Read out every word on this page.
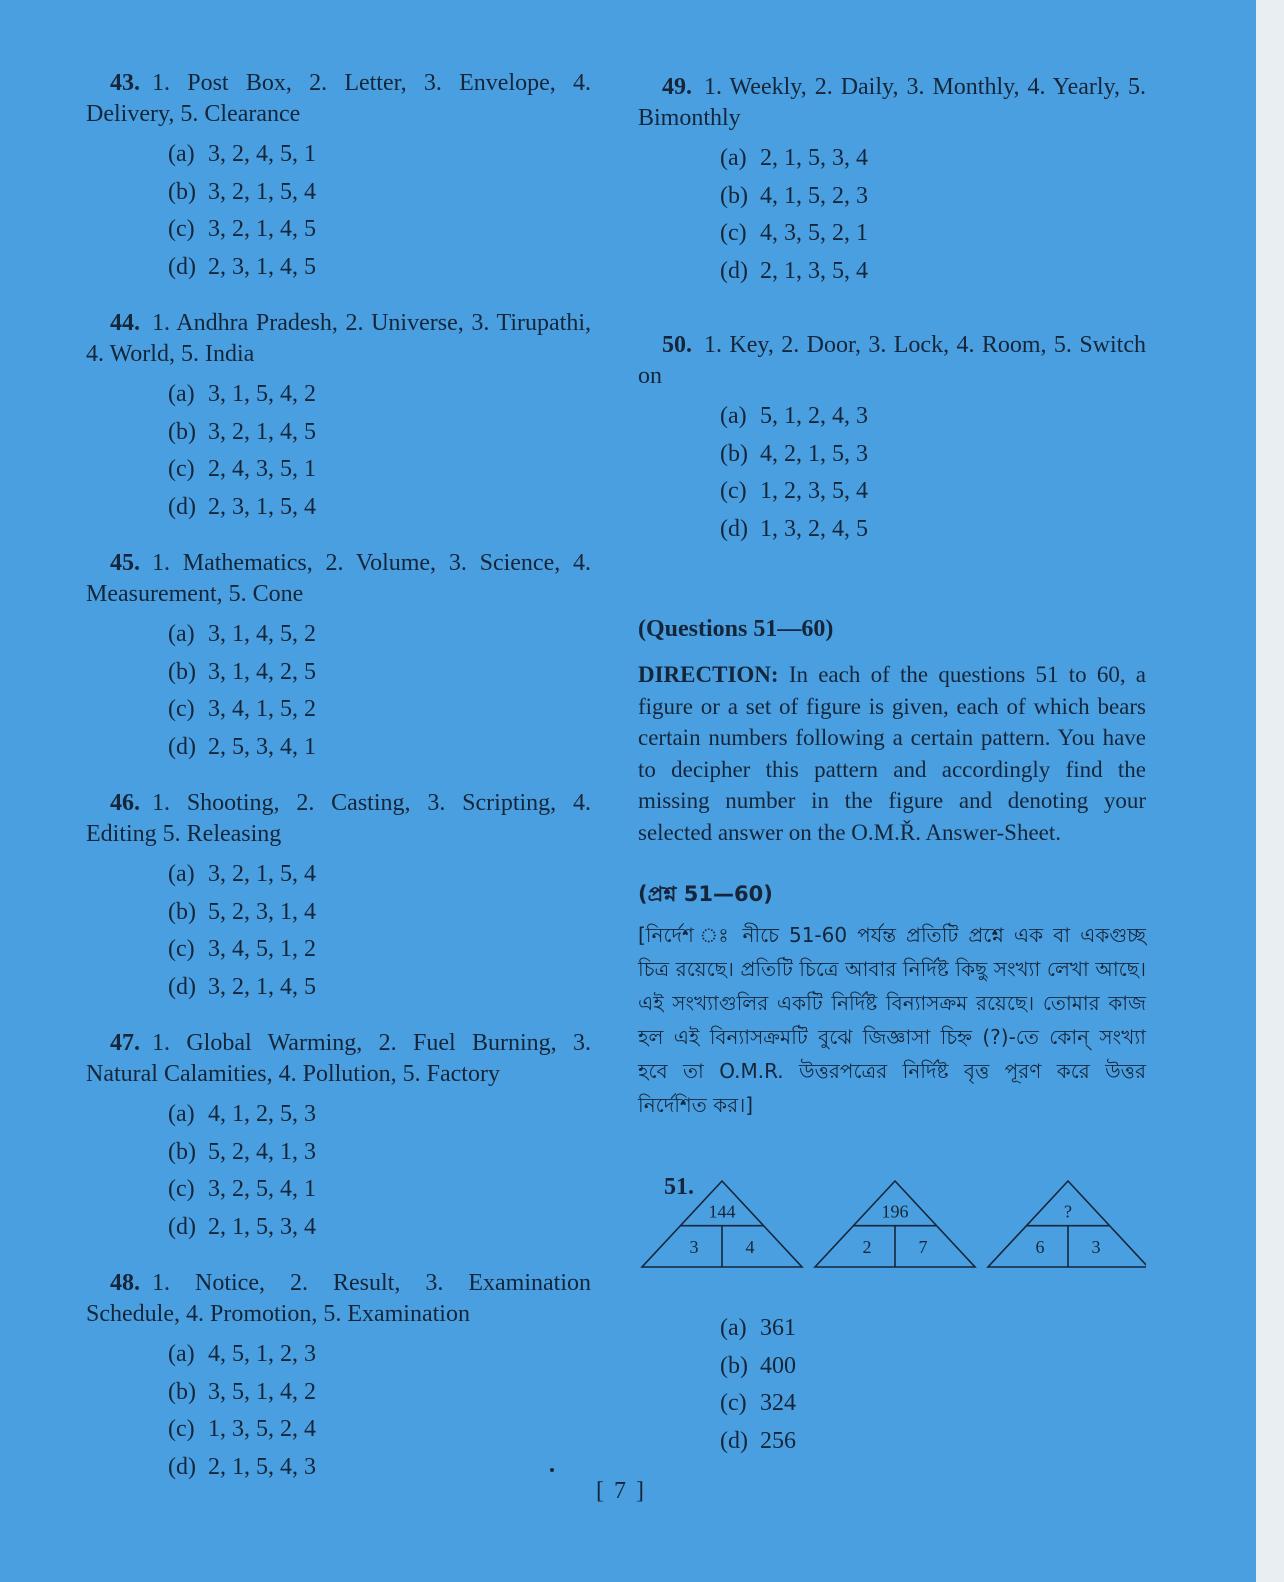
43. 1. Post Box, 2. Letter, 3. Envelope, 4. Delivery, 5. Clearance
(a) 3, 2, 4, 5, 1
(b) 3, 2, 1, 5, 4
(c) 3, 2, 1, 4, 5
(d) 2, 3, 1, 4, 5
44. 1. Andhra Pradesh, 2. Universe, 3. Tirupathi, 4. World, 5. India
(a) 3, 1, 5, 4, 2
(b) 3, 2, 1, 4, 5
(c) 2, 4, 3, 5, 1
(d) 2, 3, 1, 5, 4
45. 1. Mathematics, 2. Volume, 3. Science, 4. Measurement, 5. Cone
(a) 3, 1, 4, 5, 2
(b) 3, 1, 4, 2, 5
(c) 3, 4, 1, 5, 2
(d) 2, 5, 3, 4, 1
46. 1. Shooting, 2. Casting, 3. Scripting, 4. Editing 5. Releasing
(a) 3, 2, 1, 5, 4
(b) 5, 2, 3, 1, 4
(c) 3, 4, 5, 1, 2
(d) 3, 2, 1, 4, 5
47. 1. Global Warming, 2. Fuel Burning, 3. Natural Calamities, 4. Pollution, 5. Factory
(a) 4, 1, 2, 5, 3
(b) 5, 2, 4, 1, 3
(c) 3, 2, 5, 4, 1
(d) 2, 1, 5, 3, 4
48. 1. Notice, 2. Result, 3. Examination Schedule, 4. Promotion, 5. Examination
(a) 4, 5, 1, 2, 3
(b) 3, 5, 1, 4, 2
(c) 1, 3, 5, 2, 4
(d) 2, 1, 5, 4, 3
49. 1. Weekly, 2. Daily, 3. Monthly, 4. Yearly, 5. Bimonthly
(a) 2, 1, 5, 3, 4
(b) 4, 1, 5, 2, 3
(c) 4, 3, 5, 2, 1
(d) 2, 1, 3, 5, 4
50. 1. Key, 2. Door, 3. Lock, 4. Room, 5. Switch on
(a) 5, 1, 2, 4, 3
(b) 4, 2, 1, 5, 3
(c) 1, 2, 3, 5, 4
(d) 1, 3, 2, 4, 5
(Questions 51—60)
DIRECTION: In each of the questions 51 to 60, a figure or a set of figure is given, each of which bears certain numbers following a certain pattern. You have to decipher this pattern and accordingly find the missing number in the figure and denoting your selected answer on the O.M.Ř. Answer-Sheet.
(প্রশ্ন 51—60)
[নির্দেশ ঃ নীচে 51-60 পর্যন্ত প্রতিটি প্রশ্নে এক বা একগুচ্ছ চিত্র রয়েছে। প্রতিটি চিত্রে আবার নির্দিষ্ট কিছু সংখ্যা লেখা আছে। এই সংখ্যাগুলির একটি নির্দিষ্ট বিন্যাসক্রম রয়েছে। তোমার কাজ হল এই বিন্যাসক্রমটি বুঝে জিজ্ঞাসা চিহ্ন (?)-তে কোন্ সংখ্যা হবে তা O.M.R. উত্তরপত্রের নির্দিষ্ট বৃত্ত পূরণ করে উত্তর নির্দেশিত কর।]
51.
144
3	4
196
2	7
?
6	3
(a) 361
(b) 400
(c) 324
(d) 256
[ 7 ]
